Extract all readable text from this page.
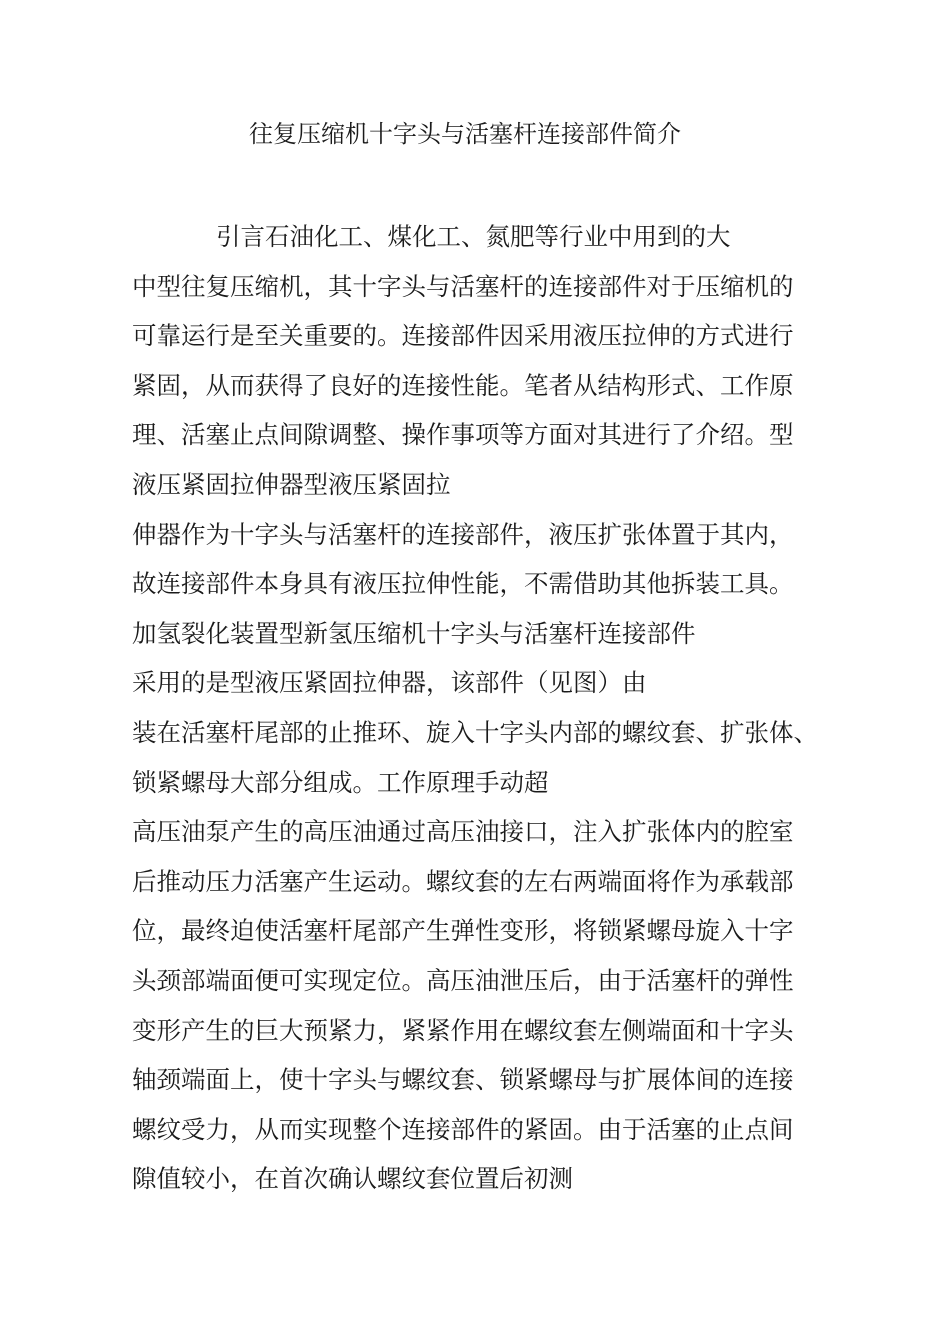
往复压缩机十字头与活塞杆连接部件简介
引言石油化工、煤化工、氮肥等行业中用到的大
中型往复压缩机，其十字头与活塞杆的连接部件对于压缩机的
可靠运行是至关重要的。连接部件因采用液压拉伸的方式进行
紧固，从而获得了良好的连接性能。笔者从结构形式、工作原
理、活塞止点间隙调整、操作事项等方面对其进行了介绍。型
液压紧固拉伸器型液压紧固拉
伸器作为十字头与活塞杆的连接部件，液压扩张体置于其内，
故连接部件本身具有液压拉伸性能，不需借助其他拆装工具。
加氢裂化装置型新氢压缩机十字头与活塞杆连接部件
采用的是型液压紧固拉伸器，该部件（见图）由
装在活塞杆尾部的止推环、旋入十字头内部的螺纹套、扩张体、
锁紧螺母大部分组成。工作原理手动超
高压油泵产生的高压油通过高压油接口，注入扩张体内的腔室
后推动压力活塞产生运动。螺纹套的左右两端面将作为承载部
位，最终迫使活塞杆尾部产生弹性变形，将锁紧螺母旋入十字
头颈部端面便可实现定位。高压油泄压后，由于活塞杆的弹性
变形产生的巨大预紧力，紧紧作用在螺纹套左侧端面和十字头
轴颈端面上，使十字头与螺纹套、锁紧螺母与扩展体间的连接
螺纹受力，从而实现整个连接部件的紧固。由于活塞的止点间
隙值较小，在首次确认螺纹套位置后初测
